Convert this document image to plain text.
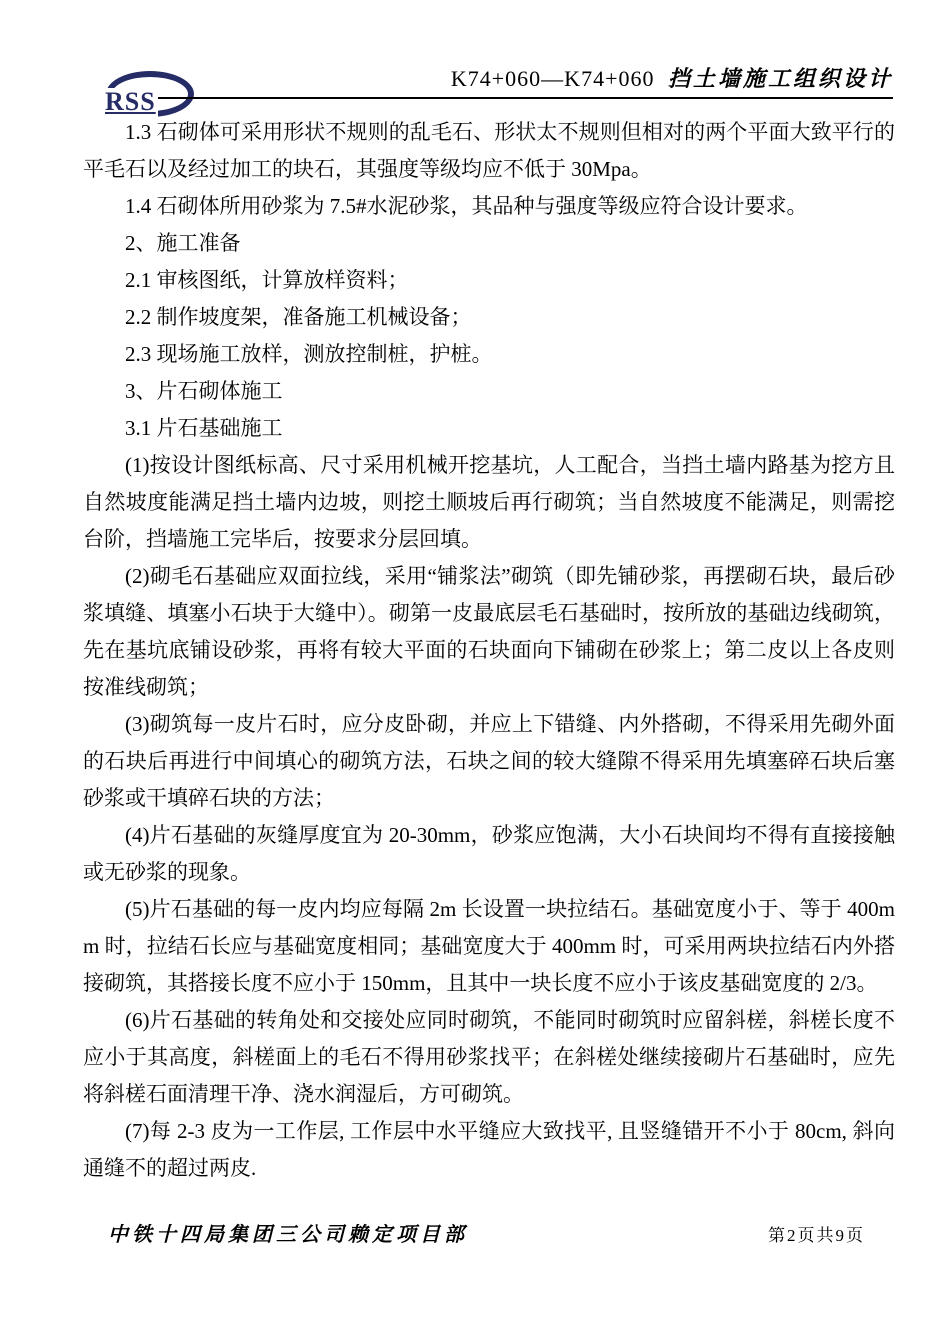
RSS
K74+060—K74+060 挡土墙施工组织设计

1.3 石砌体可采用形状不规则的乱毛石、形状太不规则但相对的两个平面大致平行的平毛石以及经过加工的块石，其强度等级均应不低于 30Mpa。

1.4 石砌体所用砂浆为 7.5#水泥砂浆，其品种与强度等级应符合设计要求。

2、施工准备

2.1 审核图纸，计算放样资料；

2.2 制作坡度架，准备施工机械设备；

2.3 现场施工放样，测放控制桩，护桩。

3、片石砌体施工

3.1 片石基础施工

(1)按设计图纸标高、尺寸采用机械开挖基坑，人工配合，当挡土墙内路基为挖方且自然坡度能满足挡土墙内边坡，则挖土顺坡后再行砌筑；当自然坡度不能满足，则需挖台阶，挡墙施工完毕后，按要求分层回填。

(2)砌毛石基础应双面拉线，采用“铺浆法”砌筑（即先铺砂浆，再摆砌石块，最后砂浆填缝、填塞小石块于大缝中）。砌第一皮最底层毛石基础时，按所放的基础边线砌筑，先在基坑底铺设砂浆，再将有较大平面的石块面向下铺砌在砂浆上；第二皮以上各皮则按准线砌筑；

(3)砌筑每一皮片石时，应分皮卧砌，并应上下错缝、内外搭砌，不得采用先砌外面的石块后再进行中间填心的砌筑方法，石块之间的较大缝隙不得采用先填塞碎石块后塞砂浆或干填碎石块的方法；

(4)片石基础的灰缝厚度宜为 20-30mm，砂浆应饱满，大小石块间均不得有直接接触或无砂浆的现象。

(5)片石基础的每一皮内均应每隔 2m 长设置一块拉结石。基础宽度小于、等于 400mm 时，拉结石长应与基础宽度相同；基础宽度大于 400mm 时，可采用两块拉结石内外搭接砌筑，其搭接长度不应小于 150mm，且其中一块长度不应小于该皮基础宽度的 2/3。

(6)片石基础的转角处和交接处应同时砌筑，不能同时砌筑时应留斜槎，斜槎长度不应小于其高度，斜槎面上的毛石不得用砂浆找平；在斜槎处继续接砌片石基础时，应先将斜槎石面清理干净、浇水润湿后，方可砌筑。

(7)每 2-3 皮为一工作层, 工作层中水平缝应大致找平, 且竖缝错开不小于 80cm, 斜向通缝不的超过两皮.

中铁十四局集团三公司赖定项目部	第2页共9页
